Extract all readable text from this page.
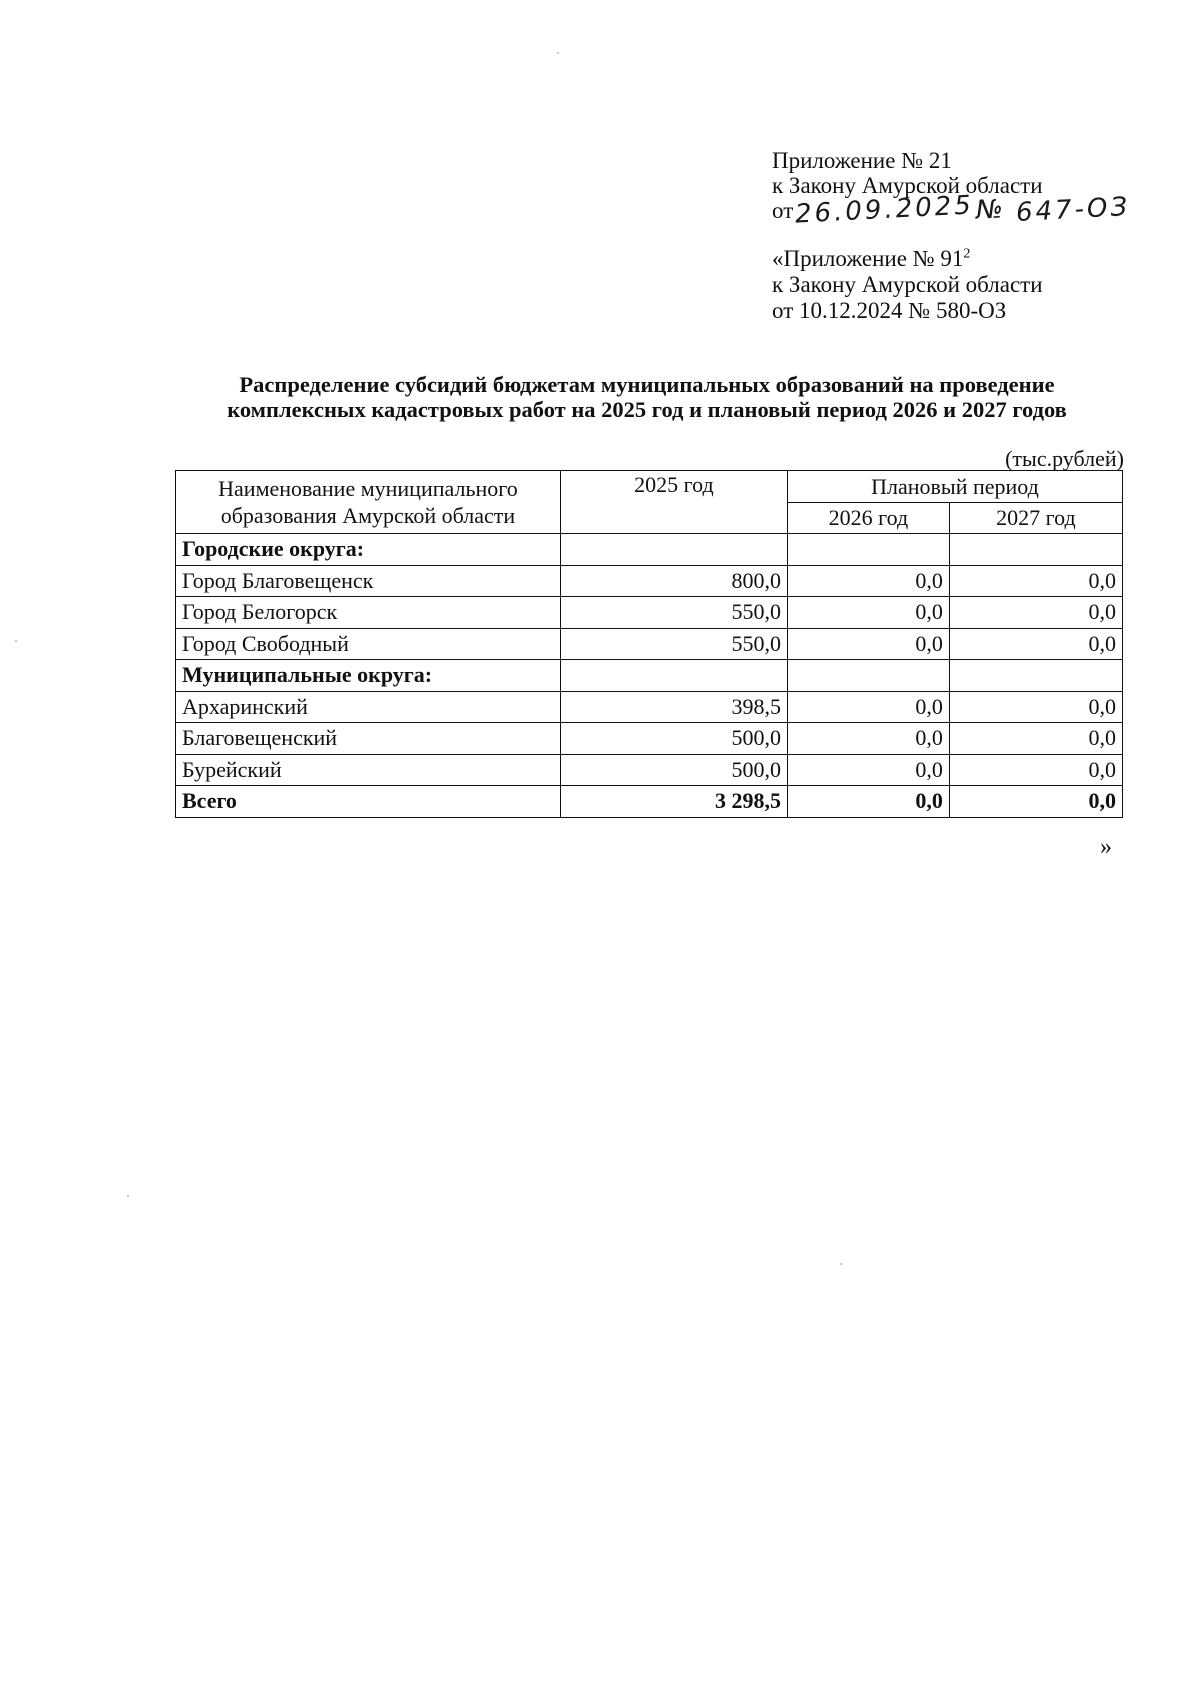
Приложение № 21
к Закону Амурской области
от26.09.2025№ 647-ОЗ
«Приложение № $91^2$
к Закону Амурской области
от 10.12.2024 № 580-ОЗ
Распределение субсидий бюджетам муниципальных образований на проведение
комплексных кадастровых работ на 2025 год и плановый период 2026 и 2027 годов
(тыс.рублей)
Наименование муниципального образования Амурской области	2025 год	Плановый период	
		2026 год	2027 год
Городские округа:			
Город Благовещенск	800,0	0,0	0,0
Город Белогорск	550,0	0,0	0,0
Город Свободный	550,0	0,0	0,0
Муниципальные округа:			
Архаринский	398,5	0,0	0,0
Благовещенский	500,0	0,0	0,0
Бурейский	500,0	0,0	0,0
Всего	3 298,5	0,0	0,0
»
